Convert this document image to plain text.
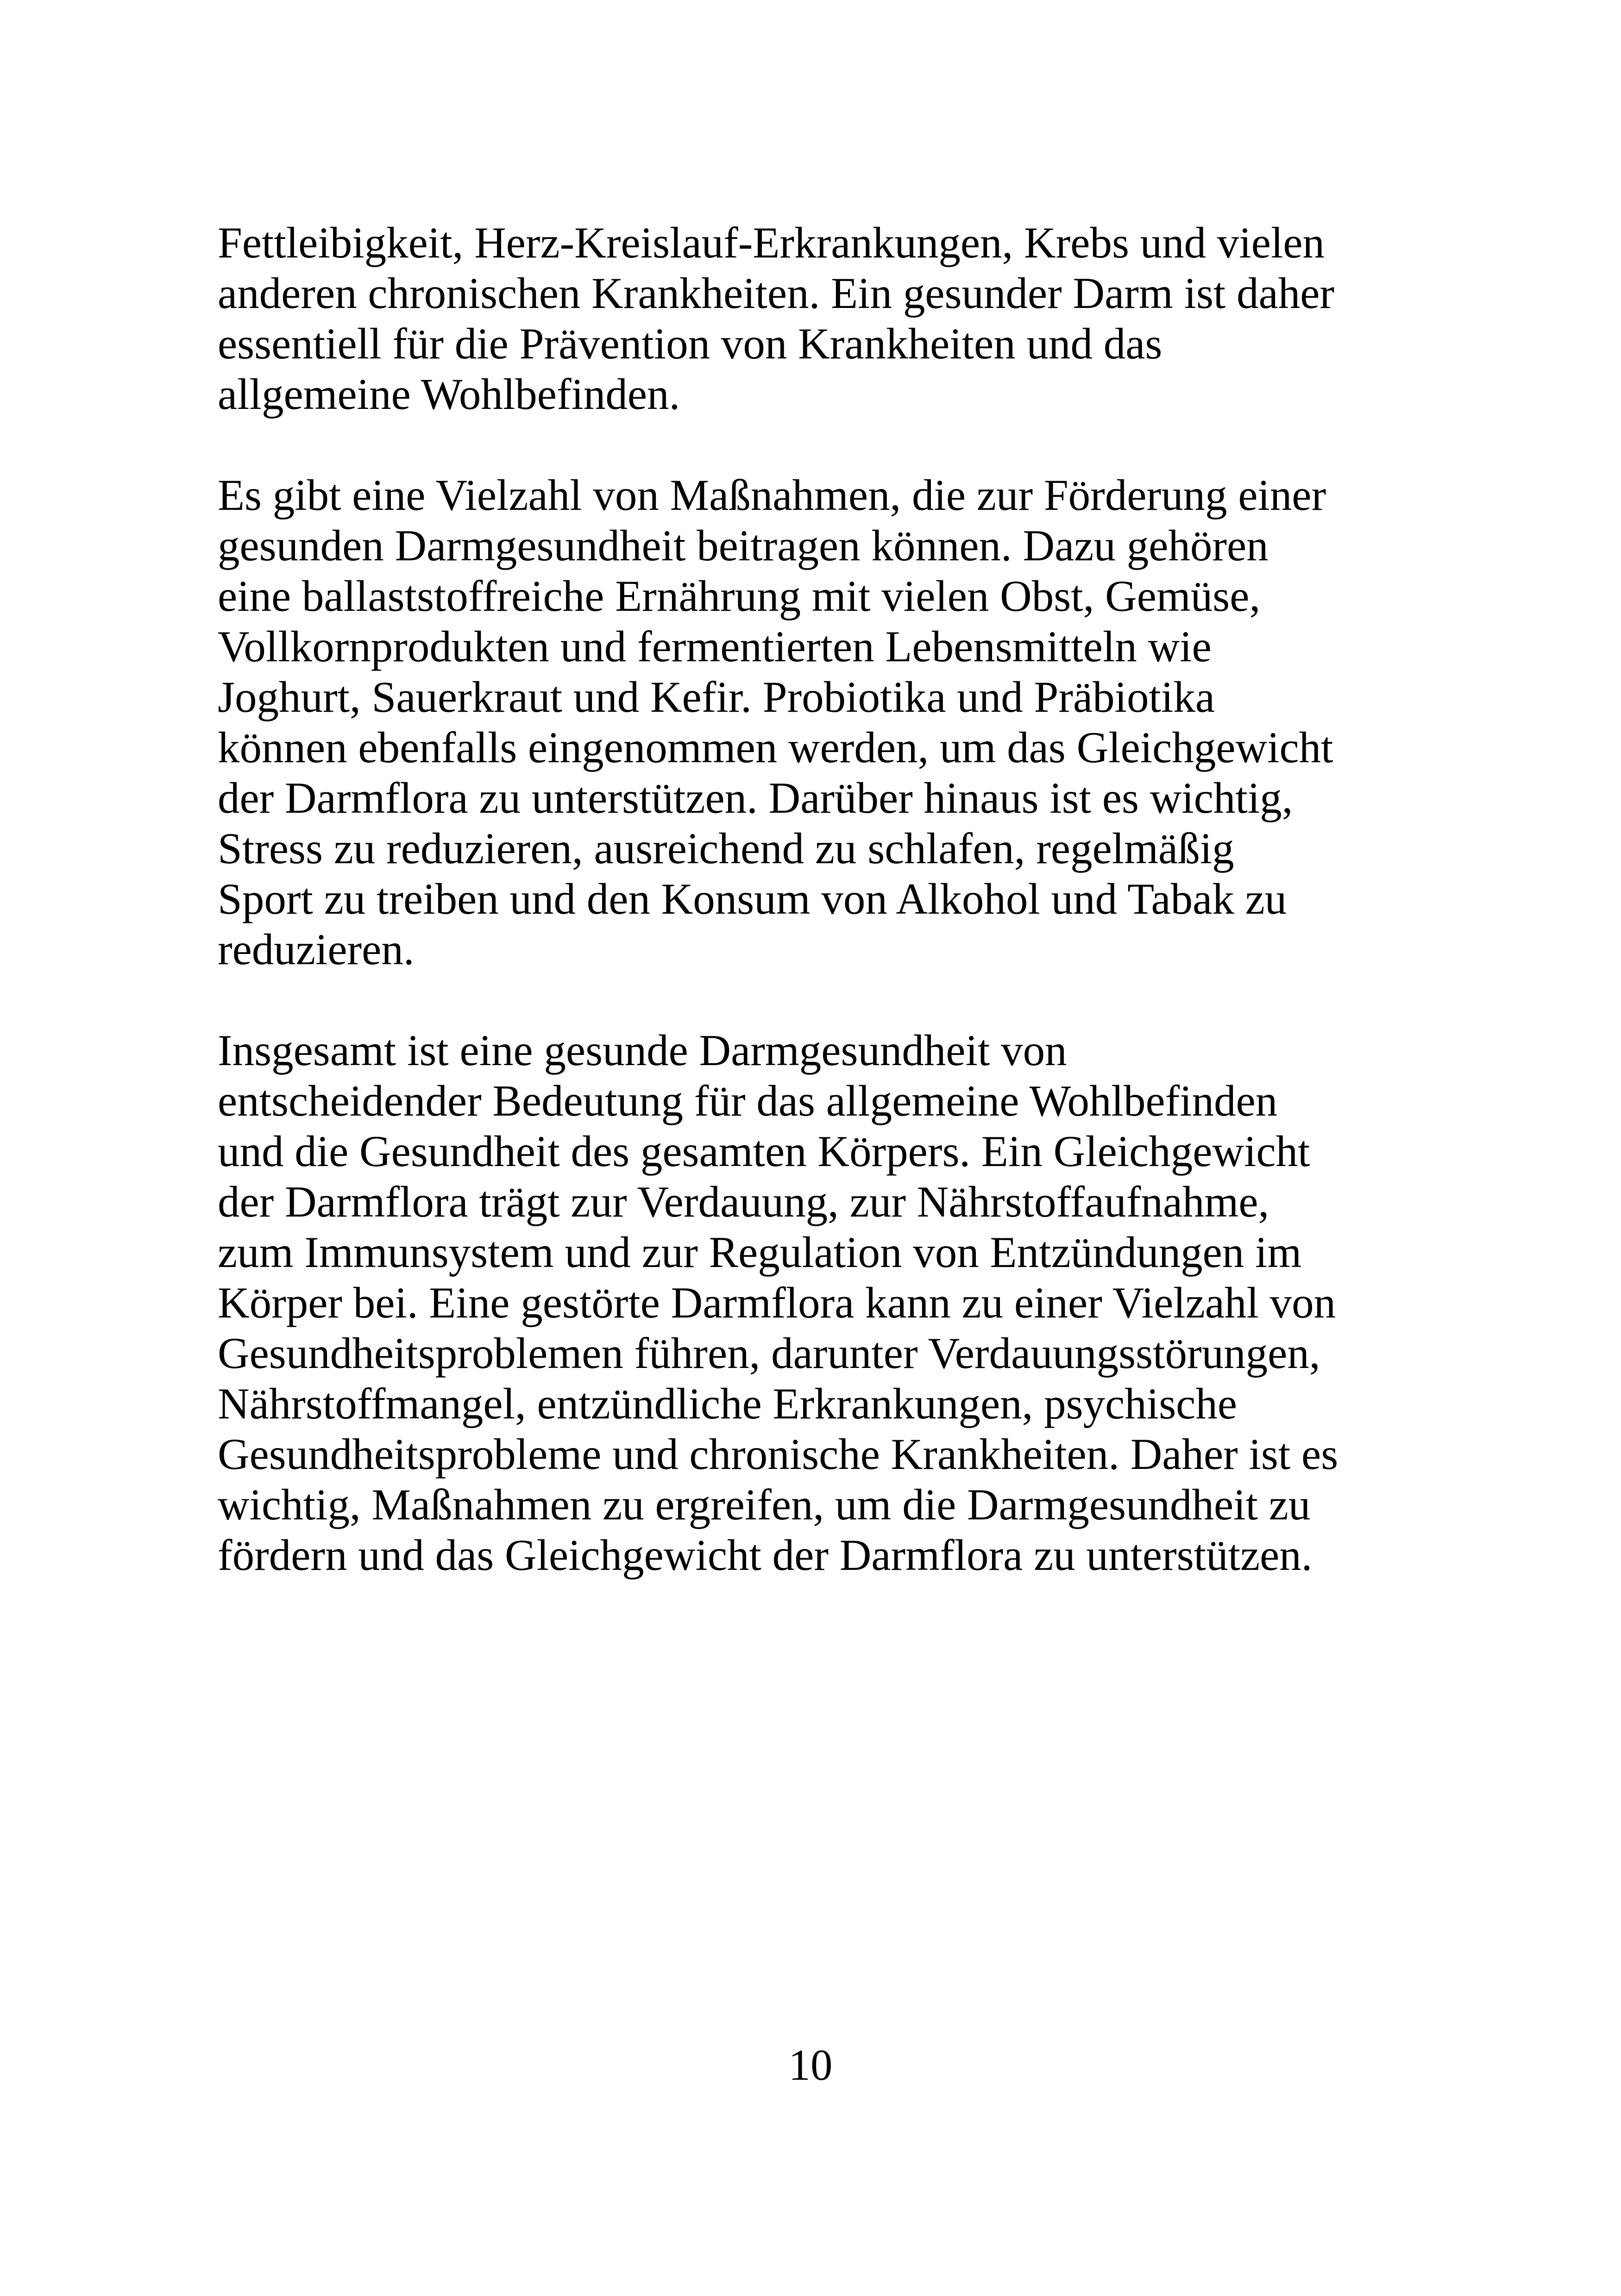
Fettleibigkeit, Herz-Kreislauf-Erkrankungen, Krebs und vielen
anderen chronischen Krankheiten. Ein gesunder Darm ist daher
essentiell für die Prävention von Krankheiten und das
allgemeine Wohlbefinden.

Es gibt eine Vielzahl von Maßnahmen, die zur Förderung einer
gesunden Darmgesundheit beitragen können. Dazu gehören
eine ballaststoffreiche Ernährung mit vielen Obst, Gemüse,
Vollkornprodukten und fermentierten Lebensmitteln wie
Joghurt, Sauerkraut und Kefir. Probiotika und Präbiotika
können ebenfalls eingenommen werden, um das Gleichgewicht
der Darmflora zu unterstützen. Darüber hinaus ist es wichtig,
Stress zu reduzieren, ausreichend zu schlafen, regelmäßig
Sport zu treiben und den Konsum von Alkohol und Tabak zu
reduzieren.

Insgesamt ist eine gesunde Darmgesundheit von
entscheidender Bedeutung für das allgemeine Wohlbefinden
und die Gesundheit des gesamten Körpers. Ein Gleichgewicht
der Darmflora trägt zur Verdauung, zur Nährstoffaufnahme,
zum Immunsystem und zur Regulation von Entzündungen im
Körper bei. Eine gestörte Darmflora kann zu einer Vielzahl von
Gesundheitsproblemen führen, darunter Verdauungsstörungen,
Nährstoffmangel, entzündliche Erkrankungen, psychische
Gesundheitsprobleme und chronische Krankheiten. Daher ist es
wichtig, Maßnahmen zu ergreifen, um die Darmgesundheit zu
fördern und das Gleichgewicht der Darmflora zu unterstützen.

10
